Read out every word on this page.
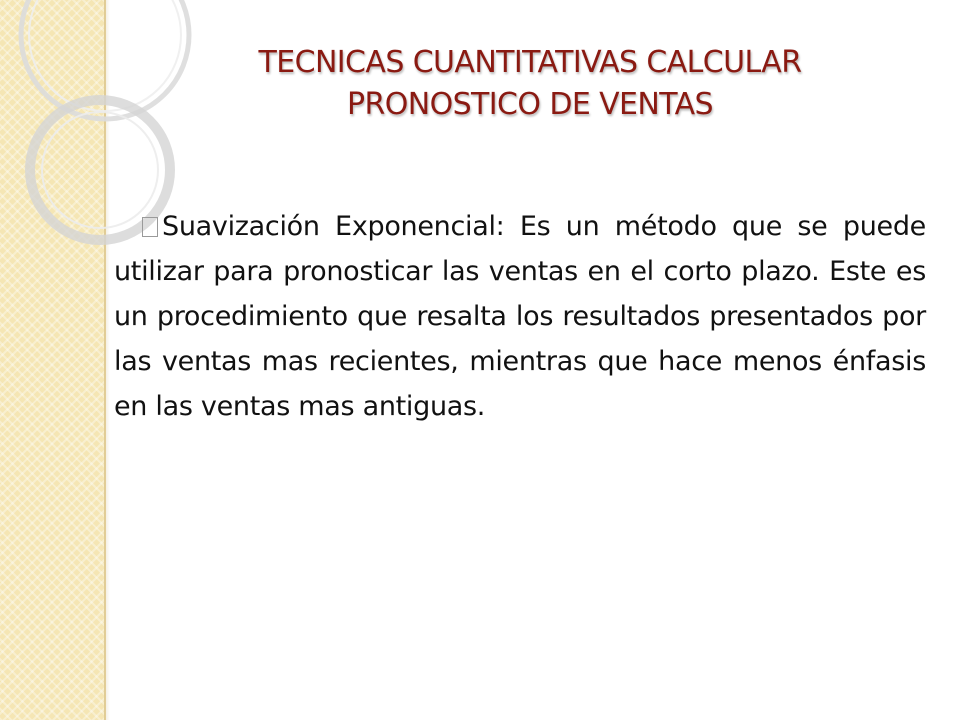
TECNICAS CUANTITATIVAS CALCULAR
PRONOSTICO DE VENTAS

Suavización Exponencial: Es un método que se puede utilizar para pronosticar las ventas en el corto plazo. Este es un procedimiento que resalta los resultados presentados por las ventas mas recientes, mientras que hace menos énfasis en las ventas mas antiguas.
